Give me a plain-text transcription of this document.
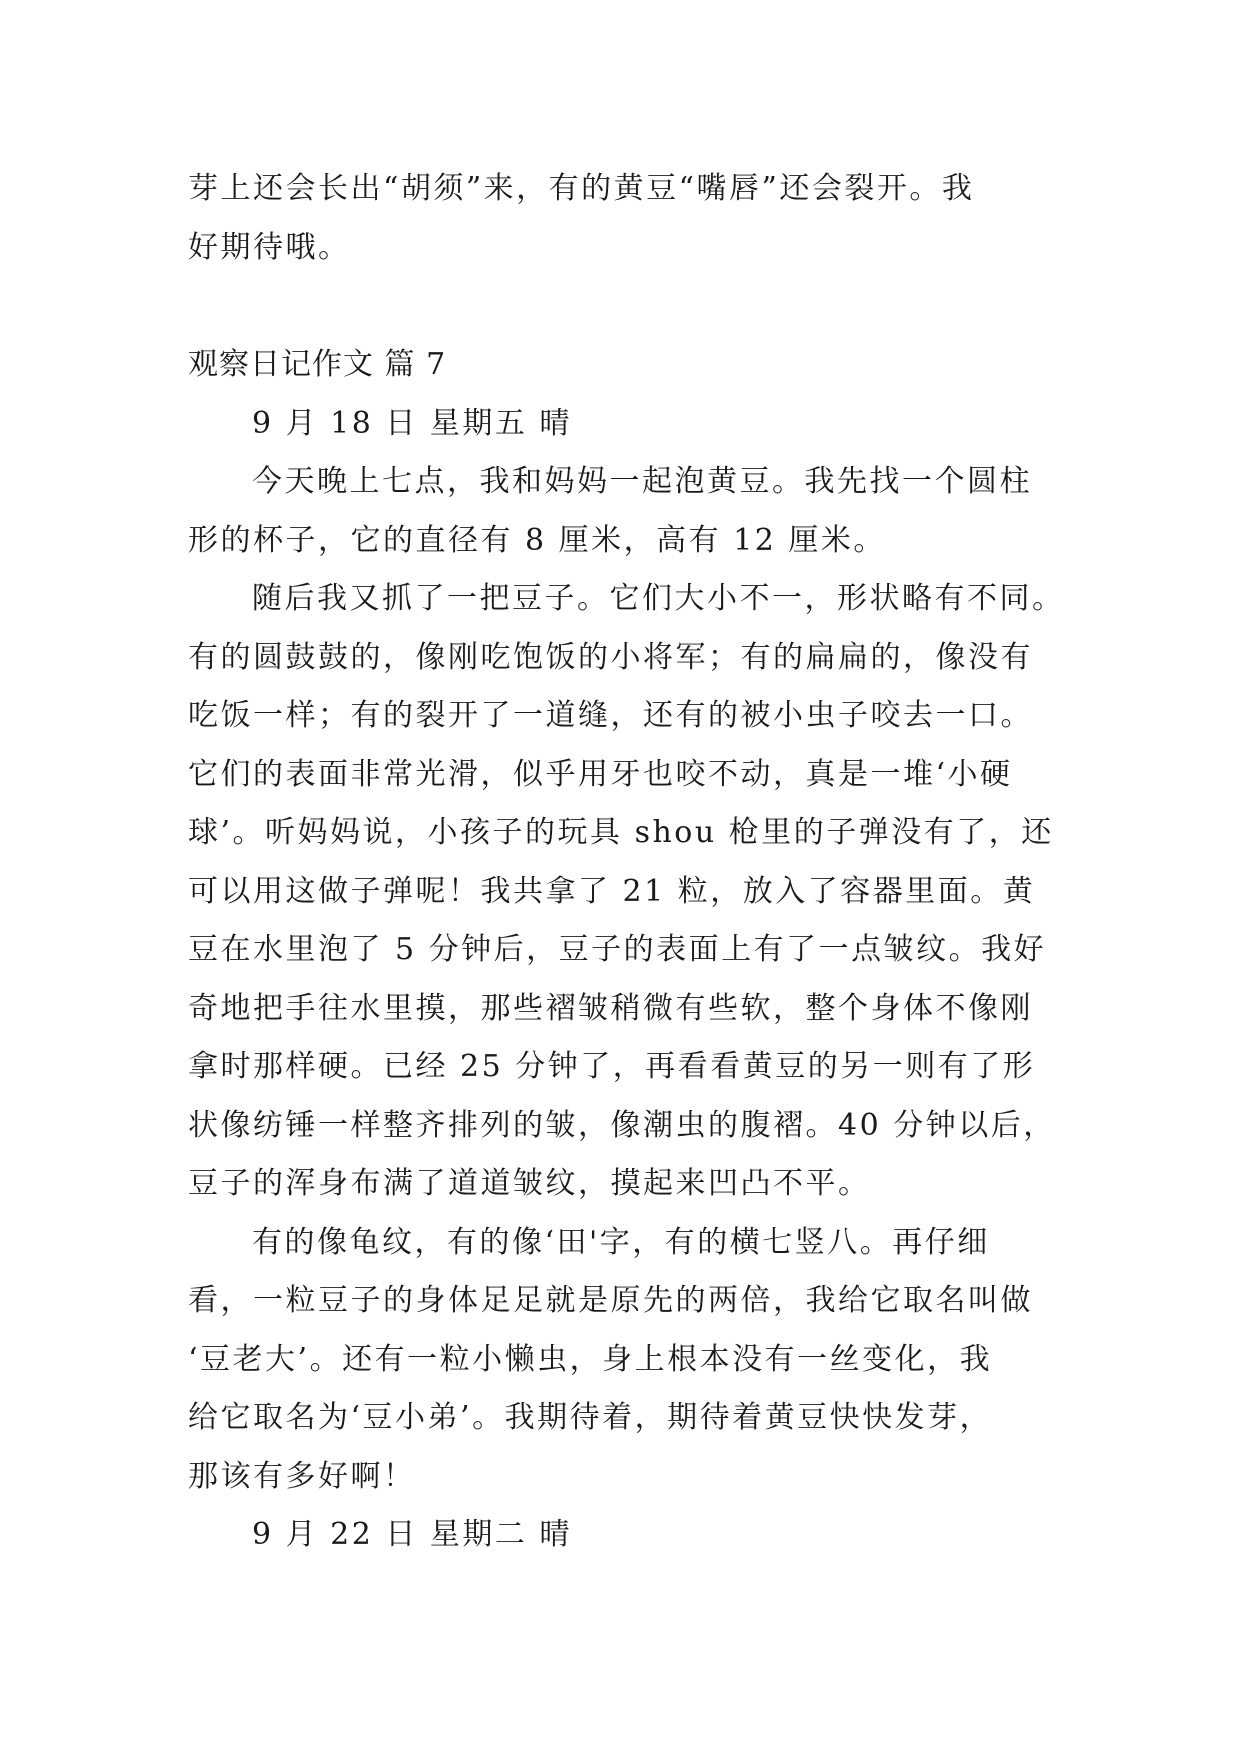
芽上还会长出“胡须”来，有的黄豆“嘴唇”还会裂开。我
好期待哦。
观察日记作文 篇 7
9 月 18 日 星期五 晴
今天晚上七点，我和妈妈一起泡黄豆。我先找一个圆柱
形的杯子，它的直径有 8 厘米，高有 12 厘米。
随后我又抓了一把豆子。它们大小不一，形状略有不同。
有的圆鼓鼓的，像刚吃饱饭的小将军；有的扁扁的，像没有
吃饭一样；有的裂开了一道缝，还有的被小虫子咬去一口。
它们的表面非常光滑，似乎用牙也咬不动，真是一堆‘小硬
球’。听妈妈说，小孩子的玩具 shou 枪里的子弹没有了，还
可以用这做子弹呢！我共拿了 21 粒，放入了容器里面。黄
豆在水里泡了 5 分钟后，豆子的表面上有了一点皱纹。我好
奇地把手往水里摸，那些褶皱稍微有些软，整个身体不像刚
拿时那样硬。已经 25 分钟了，再看看黄豆的另一则有了形
状像纺锤一样整齐排列的皱，像潮虫的腹褶。40 分钟以后，
豆子的浑身布满了道道皱纹，摸起来凹凸不平。
有的像龟纹，有的像‘田'字，有的横七竖八。再仔细
看，一粒豆子的身体足足就是原先的两倍，我给它取名叫做
‘豆老大’。还有一粒小懒虫，身上根本没有一丝变化，我
给它取名为‘豆小弟’。我期待着，期待着黄豆快快发芽，
那该有多好啊！
9 月 22 日 星期二 晴
